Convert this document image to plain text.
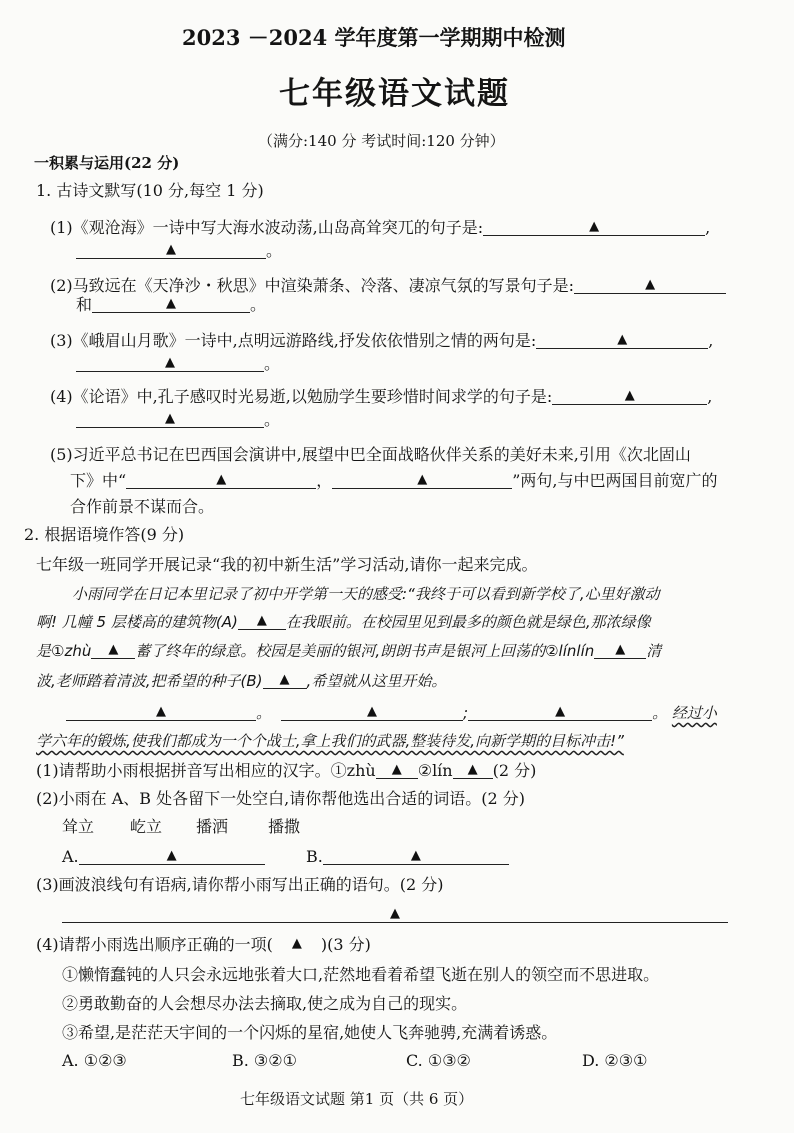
2023 －2024 学年度第一学期期中检测
七年级语文试题
（满分:140 分 考试时间:120 分钟）
一积累与运用(22 分)
1. 古诗文默写(10 分,每空 1 分)
(1)《观沧海》一诗中写大海水波动荡,山岛高耸突兀的句子是:	▲	,
▲	。
(2)马致远在《天净沙・秋思》中渲染萧条、冷落、凄凉气氛的写景句子是:	▲
和	▲	。
(3)《峨眉山月歌》一诗中,点明远游路线,抒发依依惜别之情的两句是:	▲	,
▲	。
(4)《论语》中,孔子感叹时光易逝,以勉励学生要珍惜时间求学的句子是:	▲	,
▲	。
(5)习近平总书记在巴西国会演讲中,展望中巴全面战略伙伴关系的美好未来,引用《次北固山
下》中“	▲	，	▲	”两句,与中巴两国目前宽广的
合作前景不谋而合。
2. 根据语境作答(9 分)
七年级一班同学开展记录“我的初中新生活”学习活动,请你一起来完成。
小雨同学在日记本里记录了初中开学第一天的感受:“我终于可以看到新学校了,心里好激动
啊! 几幢 5 层楼高的建筑物(A) ▲ 在我眼前。在校园里见到最多的颜色就是绿色,那浓绿像
是①zhù ▲ 蓄了终年的绿意。校园是美丽的银河,朗朗书声是银河上回荡的②línlín ▲ 清
波,老师踏着清波,把希望的种子(B) ▲ ,希望就从这里开始。
▲	。	▲	;	▲	。 经过小
学六年的锻炼,使我们都成为一个个战士,拿上我们的武器,整装待发,向新学期的目标冲击!”
(1)请帮助小雨根据拼音写出相应的汉字。①zhù ▲ ②lín ▲ (2 分)
(2)小雨在 A、B 处各留下一处空白,请你帮他选出合适的词语。(2 分)
耸立 屹立 播洒 播撒
A.	▲	B.	▲
(3)画波浪线句有语病,请你帮小雨写出正确的语句。(2 分)
▲
(4)请帮小雨选出顺序正确的一项( ▲ )(3 分)
①懒惰蠢钝的人只会永远地张着大口,茫然地看着希望飞逝在别人的领空而不思进取。
②勇敢勤奋的人会想尽办法去摘取,使之成为自己的现实。
③希望,是茫茫天宇间的一个闪烁的星宿,她使人飞奔驰骋,充满着诱惑。
A. ①②③	B. ③②①	C. ①③②	D. ②③①
七年级语文试题 第1 页（共 6 页）
